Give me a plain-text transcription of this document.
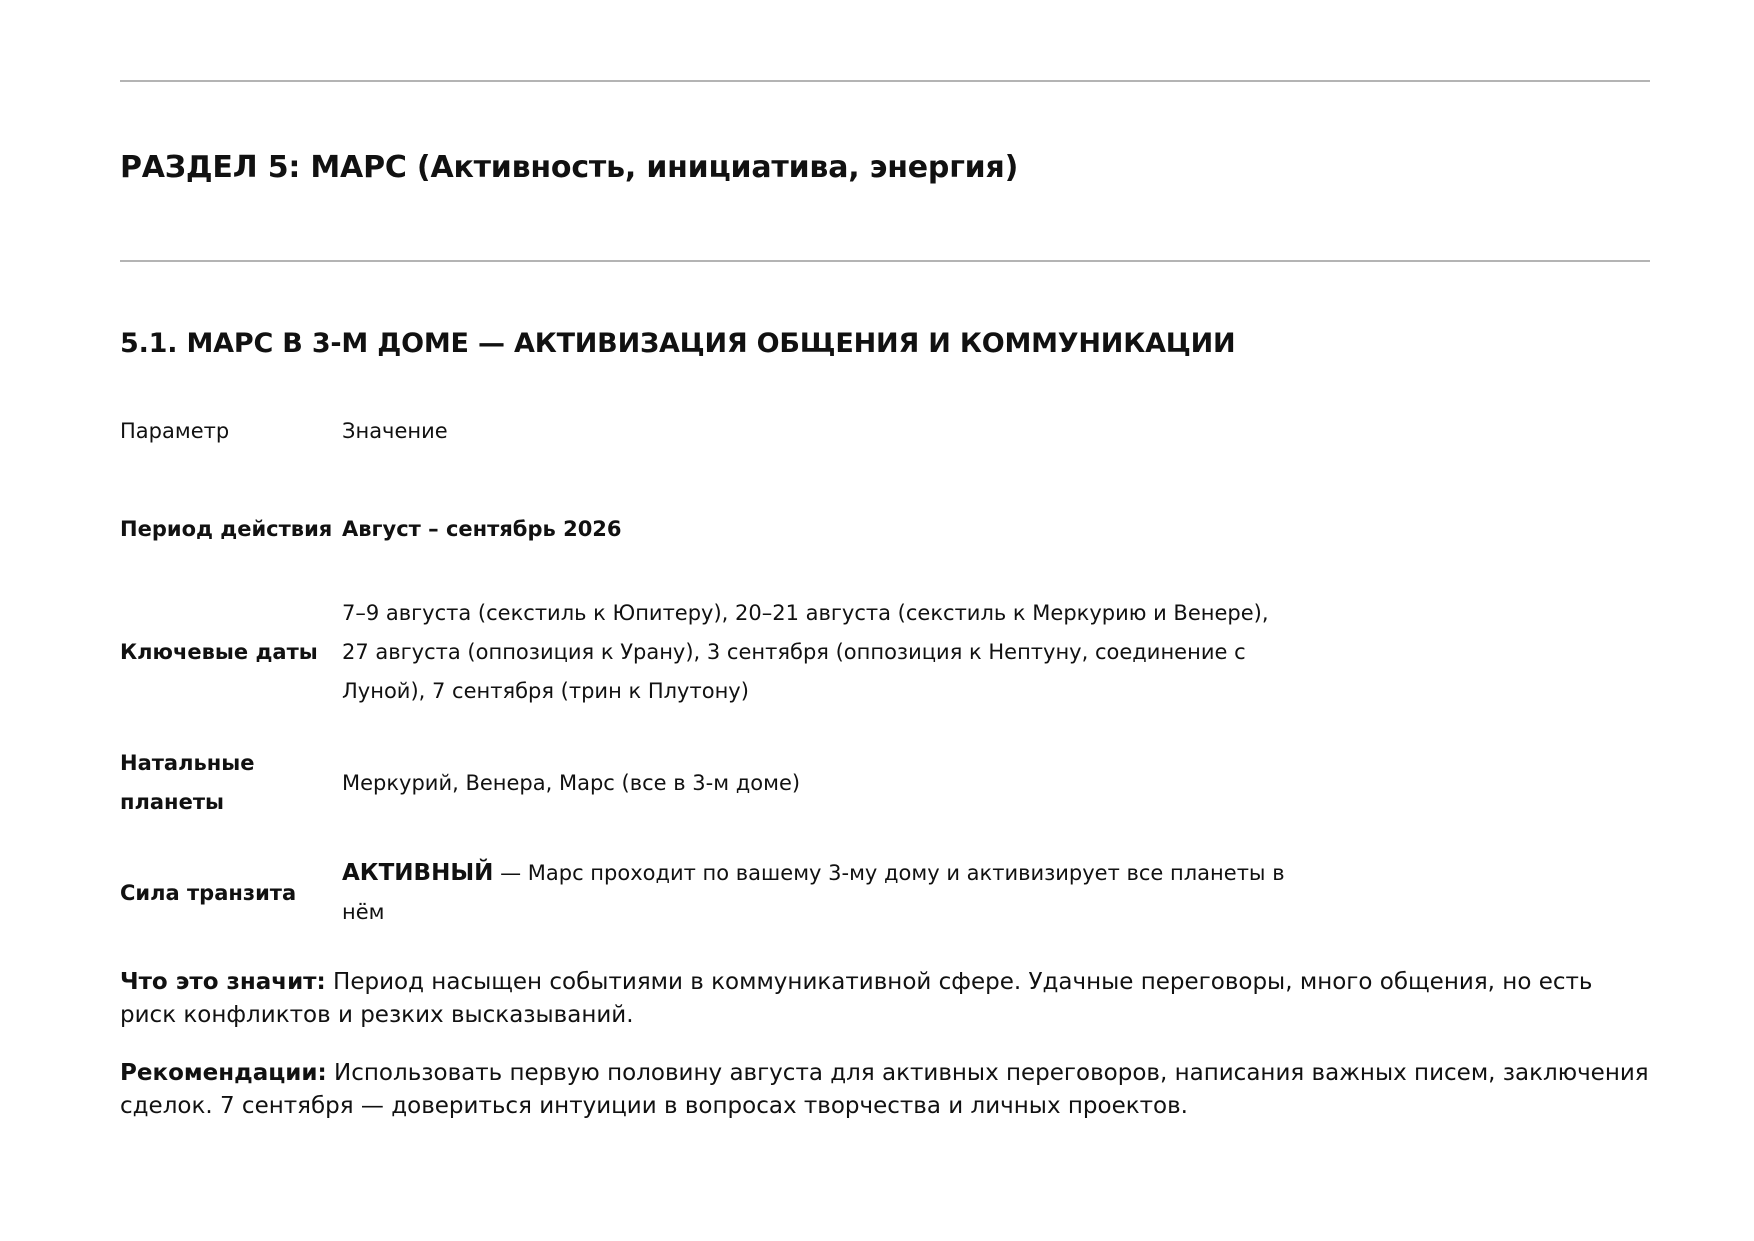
РАЗДЕЛ 5: МАРС (Активность, инициатива, энергия)
5.1. МАРС В 3-М ДОМЕ — АКТИВИЗАЦИЯ ОБЩЕНИЯ И КОММУНИКАЦИИ
Параметр	Значение
Период действия Август – сентябрь 2026
Ключевые даты
7–9 августа (секстиль к Юпитеру), 20–21 августа (секстиль к Меркурию и Венере), 27 августа (оппозиция к Урану), 3 сентября (оппозиция к Нептуну, соединение с Луной), 7 сентября (трин к Плутону)
Натальные планеты
Меркурий, Венера, Марс (все в 3-м доме)
Сила транзита
АКТИВНЫЙ — Марс проходит по вашему 3-му дому и активизирует все планеты в нём

Что это значит: Период насыщен событиями в коммуникативной сфере. Удачные переговоры, много общения, но есть риск конфликтов и резких высказываний.

Рекомендации: Использовать первую половину августа для активных переговоров, написания важных писем, заключения сделок. 7 сентября — довериться интуиции в вопросах творчества и личных проектов.
